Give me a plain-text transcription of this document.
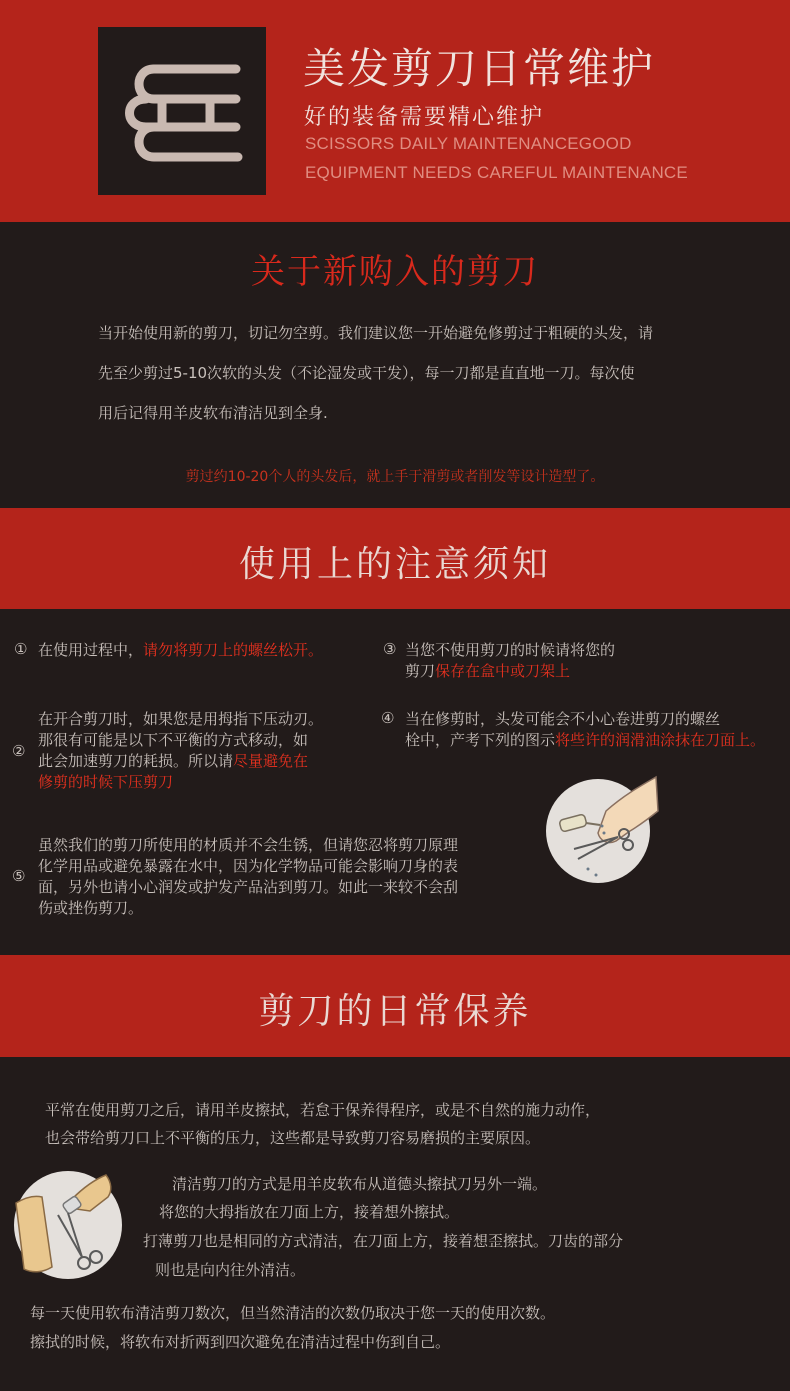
美发剪刀日常维护
好的装备需要精心维护
SCISSORS DAILY MAINTENANCEGOOD
EQUIPMENT NEEDS CAREFUL MAINTENANCE
关于新购入的剪刀
当开始使用新的剪刀，切记勿空剪。我们建议您一开始避免修剪过于粗硬的头发，请
先至少剪过5-10次软的头发（不论湿发或干发），每一刀都是直直地一刀。每次使
用后记得用羊皮软布清洁见到全身.
剪过约10-20个人的头发后，就上手于滑剪或者削发等设计造型了。
使用上的注意须知
① 在使用过程中，请勿将剪刀上的螺丝松开。	③ 当您不使用剪刀的时候请将您的
剪刀保存在盒中或刀架上
②
在开合剪刀时，如果您是用拇指下压动刃。
那很有可能是以下不平衡的方式移动，如
此会加速剪刀的耗损。所以请尽量避免在
修剪的时候下压剪刀
④ 当在修剪时，头发可能会不小心卷进剪刀的螺丝
栓中，产考下列的图示将些许的润滑油涂抹在刀面上。
⑤
虽然我们的剪刀所使用的材质并不会生锈，但请您忍将剪刀原理
化学用品或避免暴露在水中，因为化学物品可能会影响刀身的表
面，另外也请小心润发或护发产品沾到剪刀。如此一来较不会刮
伤或挫伤剪刀。
剪刀的日常保养
平常在使用剪刀之后，请用羊皮擦拭，若怠于保养得程序，或是不自然的施力动作，
也会带给剪刀口上不平衡的压力，这些都是导致剪刀容易磨损的主要原因。
清洁剪刀的方式是用羊皮软布从道德头擦拭刀另外一端。
将您的大拇指放在刀面上方，接着想外擦拭。
打薄剪刀也是相同的方式清洁，在刀面上方，接着想歪擦拭。刀齿的部分
则也是向内往外清洁。
每一天使用软布清洁剪刀数次，但当然清洁的次数仍取决于您一天的使用次数。
擦拭的时候，将软布对折两到四次避免在清洁过程中伤到自己。
